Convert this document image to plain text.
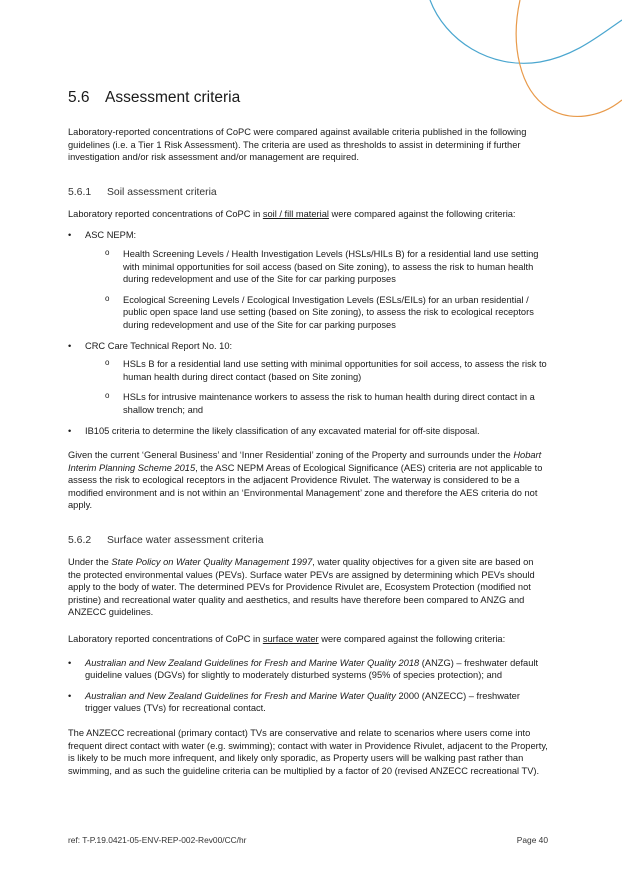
5.6 Assessment criteria

Laboratory-reported concentrations of CoPC were compared against available criteria published in the following guidelines (i.e. a Tier 1 Risk Assessment). The criteria are used as thresholds to assist in determining if further investigation and/or risk assessment and/or management are required.

5.6.1 Soil assessment criteria

Laboratory reported concentrations of CoPC in soil / fill material were compared against the following criteria:

• ASC NEPM:
o Health Screening Levels / Health Investigation Levels (HSLs/HILs B) for a residential land use setting with minimal opportunities for soil access (based on Site zoning), to assess the risk to human health during redevelopment and use of the Site for car parking purposes
o Ecological Screening Levels / Ecological Investigation Levels (ESLs/EILs) for an urban residential / public open space land use setting (based on Site zoning), to assess the risk to ecological receptors during redevelopment and use of the Site for car parking purposes
• CRC Care Technical Report No. 10:
o HSLs B for a residential land use setting with minimal opportunities for soil access, to assess the risk to human health during direct contact (based on Site zoning)
o HSLs for intrusive maintenance workers to assess the risk to human health during direct contact in a shallow trench; and
• IB105 criteria to determine the likely classification of any excavated material for off-site disposal.

Given the current ‘General Business’ and ‘Inner Residential’ zoning of the Property and surrounds under the Hobart Interim Planning Scheme 2015, the ASC NEPM Areas of Ecological Significance (AES) criteria are not applicable to assess the risk to ecological receptors in the adjacent Providence Rivulet. The waterway is considered to be a modified environment and is not within an ‘Environmental Management’ zone and therefore the AES criteria do not apply.

5.6.2 Surface water assessment criteria

Under the State Policy on Water Quality Management 1997, water quality objectives for a given site are based on the protected environmental values (PEVs). Surface water PEVs are assigned by determining which PEVs should apply to the body of water. The determined PEVs for Providence Rivulet are, Ecosystem Protection (modified not pristine) and recreational water quality and aesthetics, and results have therefore been compared to ANZG and ANZECC guidelines.

Laboratory reported concentrations of CoPC in surface water were compared against the following criteria:

• Australian and New Zealand Guidelines for Fresh and Marine Water Quality 2018 (ANZG) – freshwater default guideline values (DGVs) for slightly to moderately disturbed systems (95% of species protection); and
• Australian and New Zealand Guidelines for Fresh and Marine Water Quality 2000 (ANZECC) – freshwater trigger values (TVs) for recreational contact.

The ANZECC recreational (primary contact) TVs are conservative and relate to scenarios where users come into frequent direct contact with water (e.g. swimming); contact with water in Providence Rivulet, adjacent to the Property, is likely to be much more infrequent, and likely only sporadic, as Property users will be walking past rather than swimming, and as such the guideline criteria can be multiplied by a factor of 20 (revised ANZECC recreational TV).

ref: T-P.19.0421-05-ENV-REP-002-Rev00/CC/hr	Page 40
